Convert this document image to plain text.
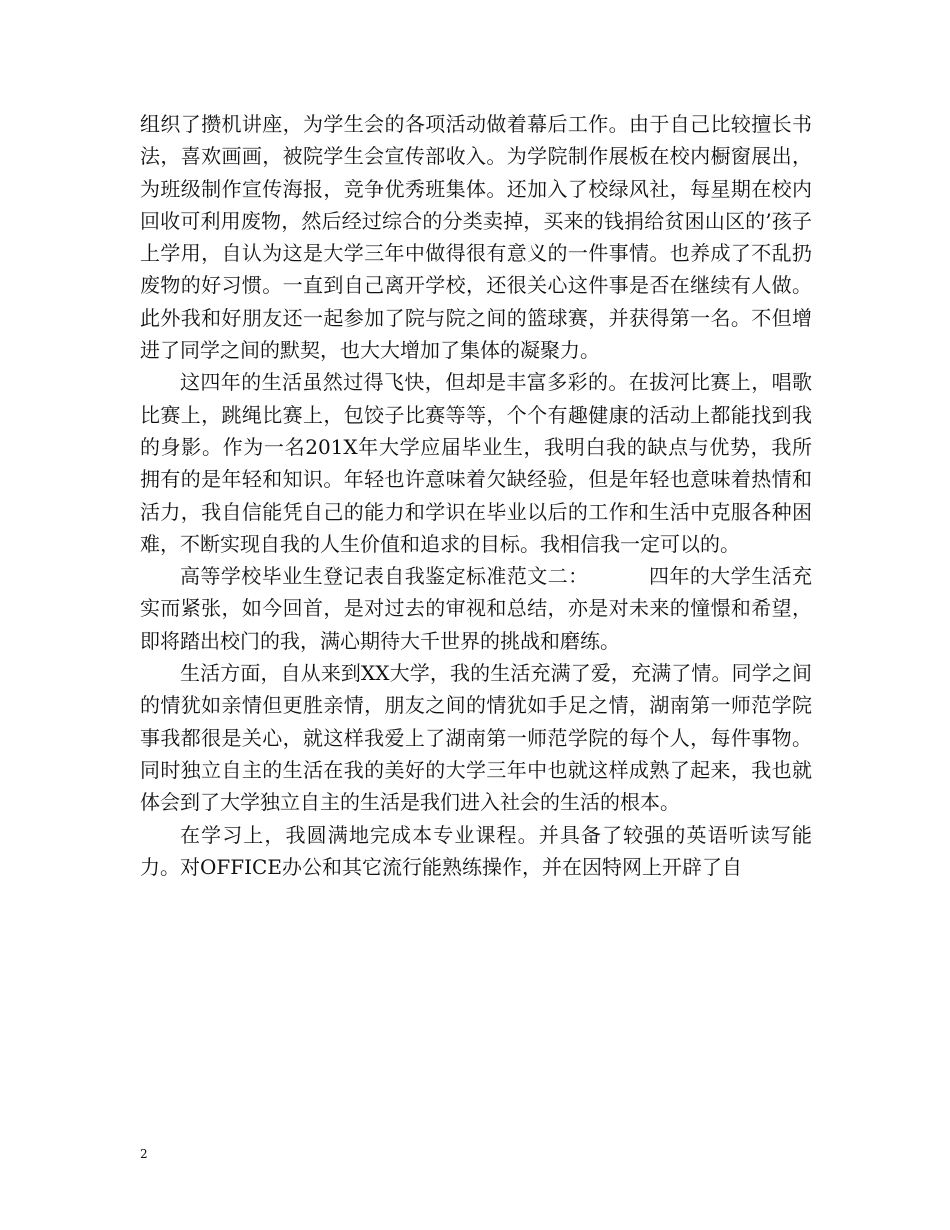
组织了攒机讲座，为学生会的各项活动做着幕后工作。由于自己比较擅长书法，喜欢画画，被院学生会宣传部收入。为学院制作展板在校内橱窗展出，为班级制作宣传海报，竞争优秀班集体。还加入了校绿风社，每星期在校内回收可利用废物，然后经过综合的分类卖掉，买来的钱捐给贫困山区的’孩子上学用，自认为这是大学三年中做得很有意义的一件事情。也养成了不乱扔废物的好习惯。一直到自己离开学校，还很关心这件事是否在继续有人做。此外我和好朋友还一起参加了院与院之间的篮球赛，并获得第一名。不但增进了同学之间的默契，也大大增加了集体的凝聚力。

这四年的生活虽然过得飞快，但却是丰富多彩的。在拔河比赛上，唱歌比赛上，跳绳比赛上，包饺子比赛等等，个个有趣健康的活动上都能找到我的身影。作为一名201X年大学应届毕业生，我明白我的缺点与优势，我所拥有的是年轻和知识。年轻也许意味着欠缺经验，但是年轻也意味着热情和活力，我自信能凭自己的能力和学识在毕业以后的工作和生活中克服各种困难，不断实现自我的人生价值和追求的目标。我相信我一定可以的。

高等学校毕业生登记表自我鉴定标准范文二：	四年的大学生活充实而紧张，如今回首，是对过去的审视和总结，亦是对未来的憧憬和希望，即将踏出校门的我，满心期待大千世界的挑战和磨练。

生活方面，自从来到XX大学，我的生活充满了爱，充满了情。同学之间的情犹如亲情但更胜亲情，朋友之间的情犹如手足之情，湖南第一师范学院事我都很是关心，就这样我爱上了湖南第一师范学院的每个人，每件事物。同时独立自主的生活在我的美好的大学三年中也就这样成熟了起来，我也就体会到了大学独立自主的生活是我们进入社会的生活的根本。

在学习上，我圆满地完成本专业课程。并具备了较强的英语听读写能力。对OFFICE办公和其它流行能熟练操作，并在因特网上开辟了自

2
